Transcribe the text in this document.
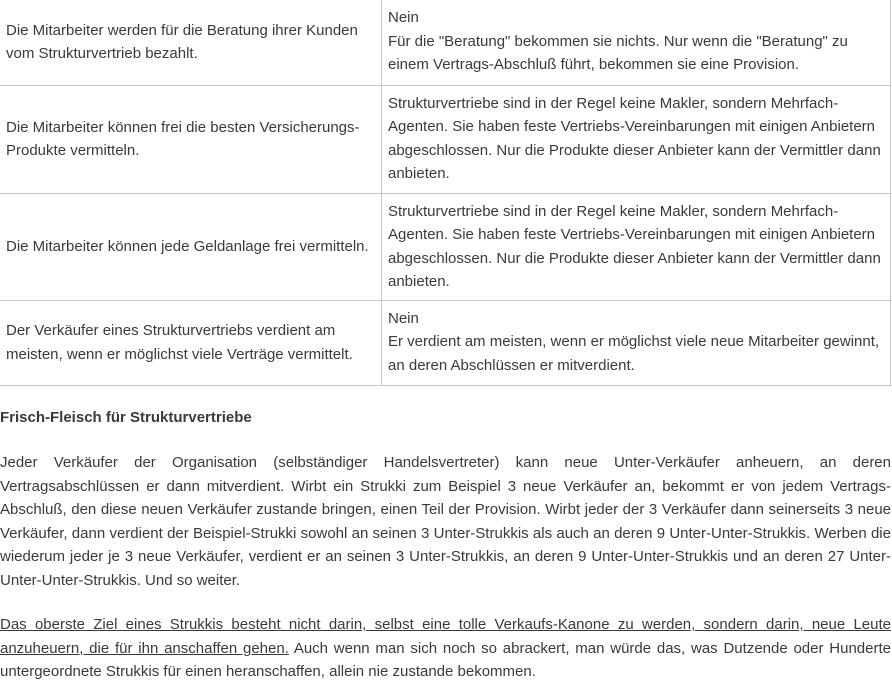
Die Mitarbeiter werden für die Beratung ihrer Kunden vom Strukturvertrieb bezahlt.	Nein
Für die "Beratung" bekommen sie nichts. Nur wenn die "Beratung" zu einem Vertrags-Abschluß führt, bekommen sie eine Provision.

Die Mitarbeiter können frei die besten Versicherungs-Produkte vermitteln.	Strukturvertriebe sind in der Regel keine Makler, sondern Mehrfach-Agenten. Sie haben feste Vertriebs-Vereinbarungen mit einigen Anbietern abgeschlossen. Nur die Produkte dieser Anbieter kann der Vermittler dann anbieten.

Die Mitarbeiter können jede Geldanlage frei vermitteln.	Strukturvertriebe sind in der Regel keine Makler, sondern Mehrfach-Agenten. Sie haben feste Vertriebs-Vereinbarungen mit einigen Anbietern abgeschlossen. Nur die Produkte dieser Anbieter kann der Vermittler dann anbieten.

Der Verkäufer eines Strukturvertriebs verdient am meisten, wenn er möglichst viele Verträge vermittelt.	Nein
Er verdient am meisten, wenn er möglichst viele neue Mitarbeiter gewinnt, an deren Abschlüssen er mitverdient.

Frisch-Fleisch für Strukturvertriebe

Jeder Verkäufer der Organisation (selbständiger Handelsvertreter) kann neue Unter-Verkäufer anheuern, an deren Vertragsabschlüssen er dann mitverdient. Wirbt ein Strukki zum Beispiel 3 neue Verkäufer an, bekommt er von jedem Vertrags-Abschluß, den diese neuen Verkäufer zustande bringen, einen Teil der Provision. Wirbt jeder der 3 Verkäufer dann seinerseits 3 neue Verkäufer, dann verdient der Beispiel-Strukki sowohl an seinen 3 Unter-Strukkis als auch an deren 9 Unter-Unter-Strukkis. Werben die wiederum jeder je 3 neue Verkäufer, verdient er an seinen 3 Unter-Strukkis, an deren 9 Unter-Unter-Strukkis und an deren 27 Unter-Unter-Unter-Strukkis. Und so weiter.

Das oberste Ziel eines Strukkis besteht nicht darin, selbst eine tolle Verkaufs-Kanone zu werden, sondern darin, neue Leute anzuheuern, die für ihn anschaffen gehen. Auch wenn man sich noch so abrackert, man würde das, was Dutzende oder Hunderte untergeordnete Strukkis für einen heranschaffen, allein nie zustande bekommen.
